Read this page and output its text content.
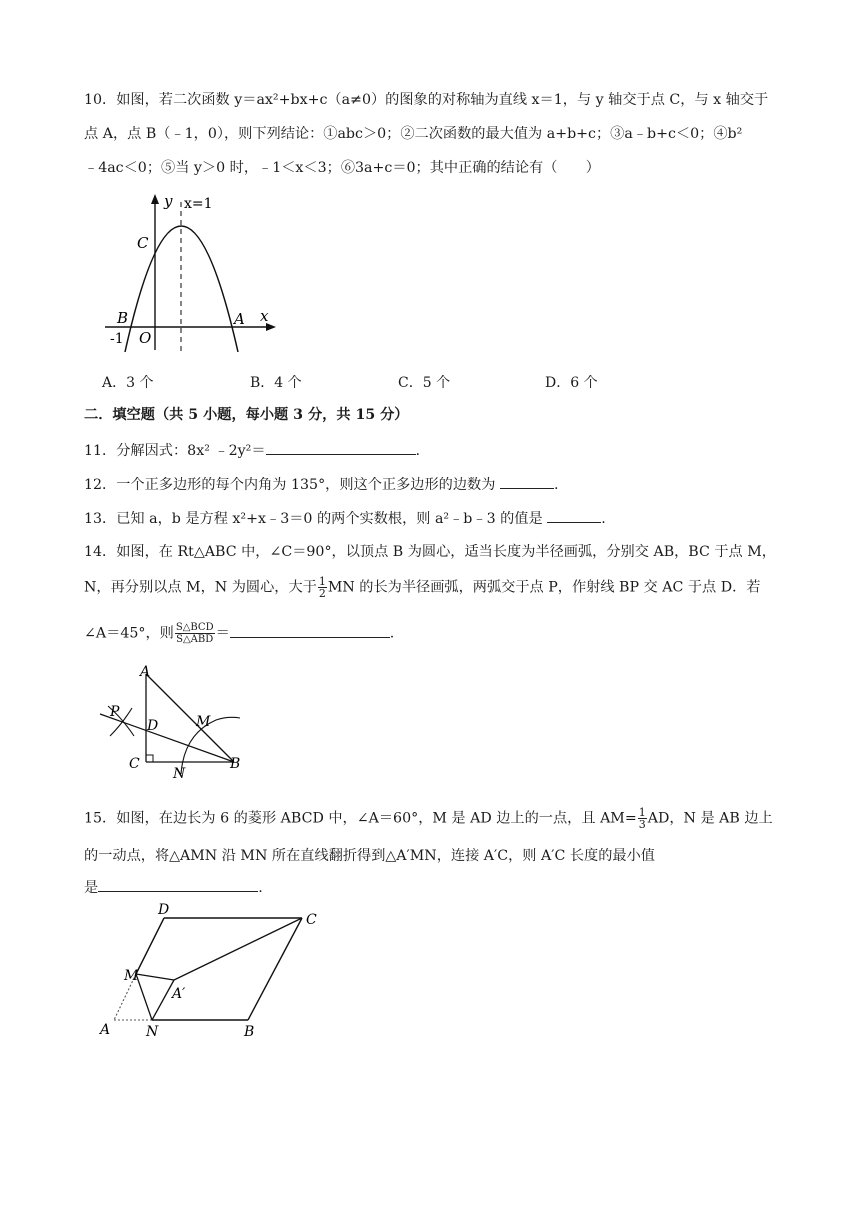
10．如图，若二次函数 y＝ax²+bx+c（a≠0）的图象的对称轴为直线 x＝1，与 y 轴交于点 C，与 x 轴交于
点 A，点 B（﹣1，0），则下列结论：①abc＞0；②二次函数的最大值为 a+b+c；③a﹣b+c＜0；④b²
﹣4ac＜0；⑤当 y＞0 时，﹣1＜x＜3；⑥3a+c＝0；其中正确的结论有（　　）
y x=1
C
B
-1 O
A x
A．3 个	B．4 个	C．5 个	D．6 个
二．填空题（共 5 小题，每小题 3 分，共 15 分）
11．分解因式：8x² ﹣2y²＝	.
12．一个正多边形的每个内角为 135°，则这个正多边形的边数为	.
13．已知 a，b 是方程 x²+x﹣3＝0 的两个实数根，则 a²﹣b﹣3 的值是	.
14．如图，在 Rt△ABC 中，∠C＝90°，以顶点 B 为圆心，适当长度为半径画弧，分别交 AB，BC 于点 M，
N，再分别以点 M，N 为圆心，大于 $\frac{1}{2}$ MN 的长为半径画弧，两弧交于点 P，作射线 BP 交 AC 于点 D．若
∠A＝45°，则 $\frac{\text{S△BCD}}{\text{S△ABD}}$ ＝	.
A
P
D	M
C
N
B
15．如图，在边长为 6 的菱形 ABCD 中，∠A＝60°，M 是 AD 边上的一点，且 $AM= \frac{1}{3}$ AD，N 是 AB 边上
的一动点，将△AMN 沿 MN 所在直线翻折得到△A′MN，连接 A′C，则 A′C 长度的最小值
是	.
D
C
M
A′
A	N	B
